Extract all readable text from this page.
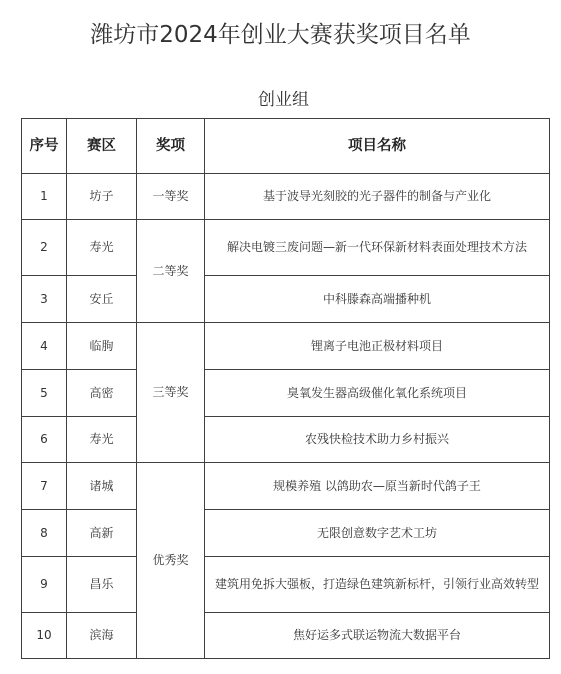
潍坊市2024年创业大赛获奖项目名单
创业组
序号	赛区	奖项	项目名称
1	坊子	一等奖	基于波导光刻胶的光子器件的制备与产业化
2	寿光	二等奖	解决电镀三废问题—新一代环保新材料表面处理技术方法
3	安丘		中科滕森高端播种机
4	临朐	三等奖	锂离子电池正极材料项目
5	高密		臭氧发生器高级催化氧化系统项目
6	寿光		农残快检技术助力乡村振兴
7	诸城	优秀奖	规模养殖 以鸽助农—原当新时代鸽子王
8	高新		无限创意数字艺术工坊
9	昌乐		建筑用免拆大强板，打造绿色建筑新标杆，引领行业高效转型
10	滨海		焦好运多式联运物流大数据平台
